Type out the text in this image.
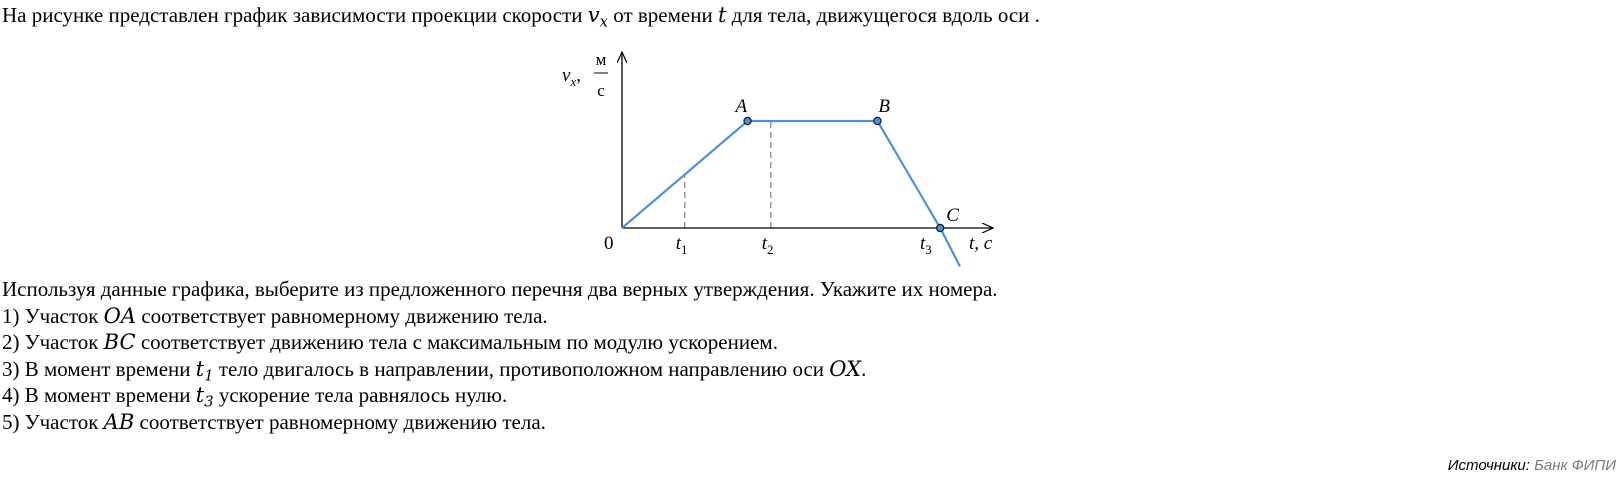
На рисунке представлен график зависимости проекции скорости $v_x$ от времени t для тела, движущегося вдоль оси .
A	B
C
$t_1$	$t_2$	$t_3$
0
$v_x$,
м
с
t, с
Используя данные графика, выберите из предложенного перечня два верных утверждения. Укажите их номера.
1) Участок OA соответствует равномерному движению тела.
2) Участок BC соответствует движению тела с максимальным по модулю ускорением.
3) В момент времени $t_1$ тело двигалось в направлении, противоположном направлению оси OX.
4) В момент времени $t_3$ ускорение тела равнялось нулю.
5) Участок AB соответствует равномерному движению тела.
Источники: Банк ФИПИ
